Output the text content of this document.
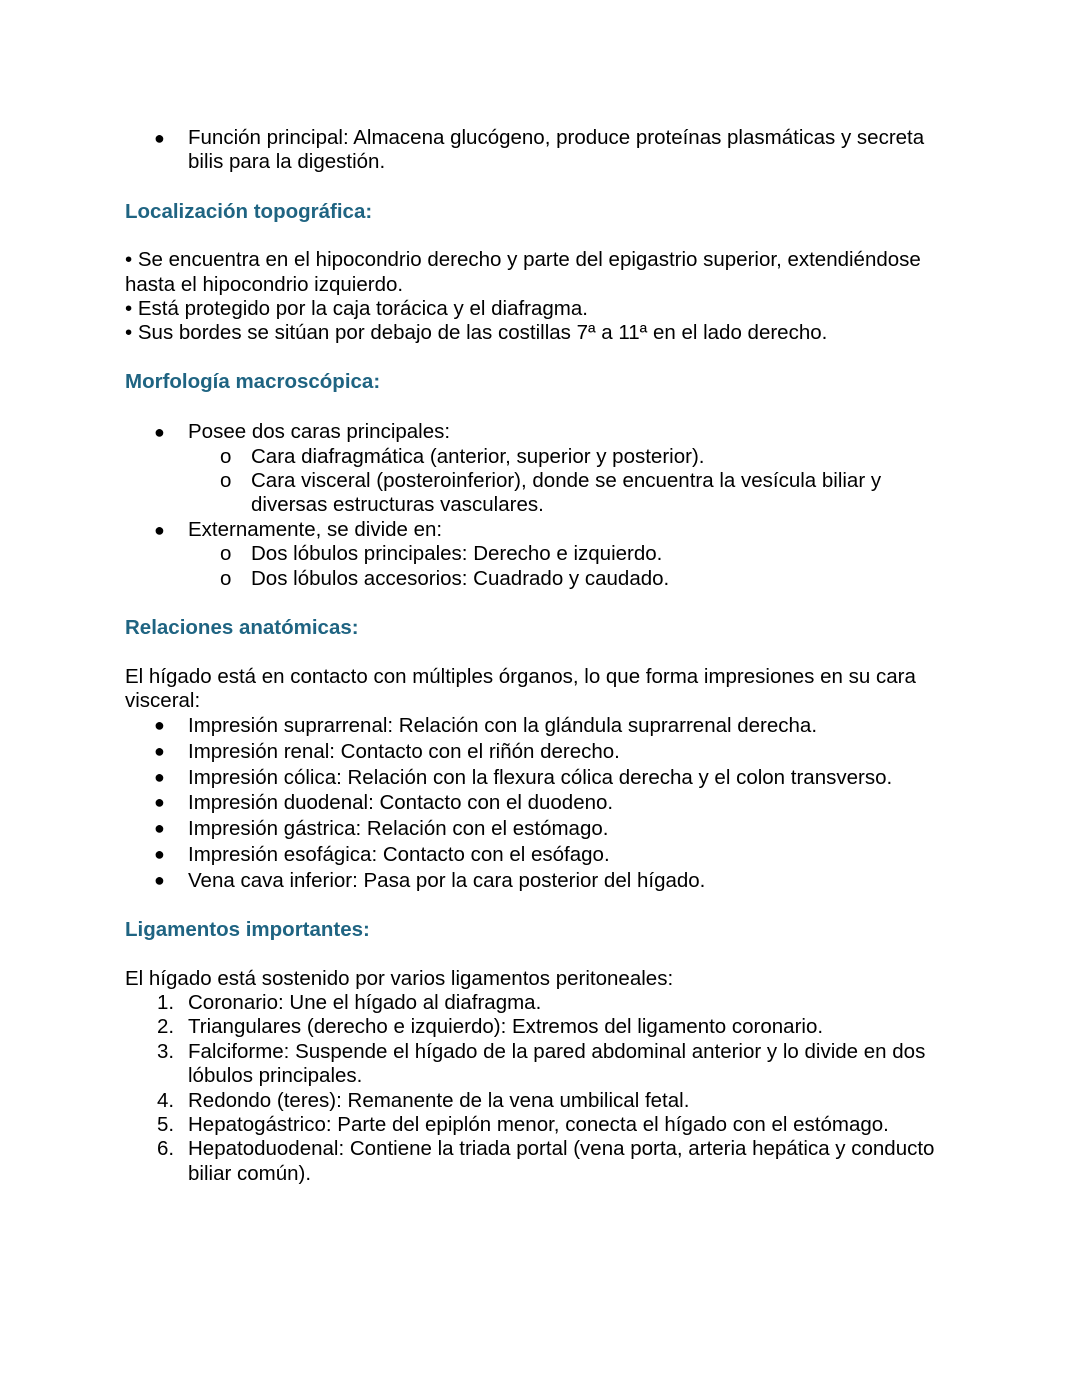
● Función principal: Almacena glucógeno, produce proteínas plasmáticas y secreta bilis para la digestión.
Localización topográfica:

• Se encuentra en el hipocondrio derecho y parte del epigastrio superior, extendiéndose hasta el hipocondrio izquierdo.

• Está protegido por la caja torácica y el diafragma.

• Sus bordes se sitúan por debajo de las costillas 7ª a 11ª en el lado derecho.

Morfología macroscópica:
● Posee dos caras principales:
o Cara diafragmática (anterior, superior y posterior).
o Cara visceral (posteroinferior), donde se encuentra la vesícula biliar y diversas estructuras vasculares.
● Externamente, se divide en:
o Dos lóbulos principales: Derecho e izquierdo.
o Dos lóbulos accesorios: Cuadrado y caudado.
Relaciones anatómicas:

El hígado está en contacto con múltiples órganos, lo que forma impresiones en su cara visceral:

● Impresión suprarrenal: Relación con la glándula suprarrenal derecha.
● Impresión renal: Contacto con el riñón derecho.
● Impresión cólica: Relación con la flexura cólica derecha y el colon transverso.
● Impresión duodenal: Contacto con el duodeno.
● Impresión gástrica: Relación con el estómago.
● Impresión esofágica: Contacto con el esófago.
● Vena cava inferior: Pasa por la cara posterior del hígado.
Ligamentos importantes:

El hígado está sostenido por varios ligamentos peritoneales:

1. Coronario: Une el hígado al diafragma.
2. Triangulares (derecho e izquierdo): Extremos del ligamento coronario.
3. Falciforme: Suspende el hígado de la pared abdominal anterior y lo divide en dos lóbulos principales.
4. Redondo (teres): Remanente de la vena umbilical fetal.
5. Hepatogástrico: Parte del epiplón menor, conecta el hígado con el estómago.
6. Hepatoduodenal: Contiene la triada portal (vena porta, arteria hepática y conducto biliar común).
